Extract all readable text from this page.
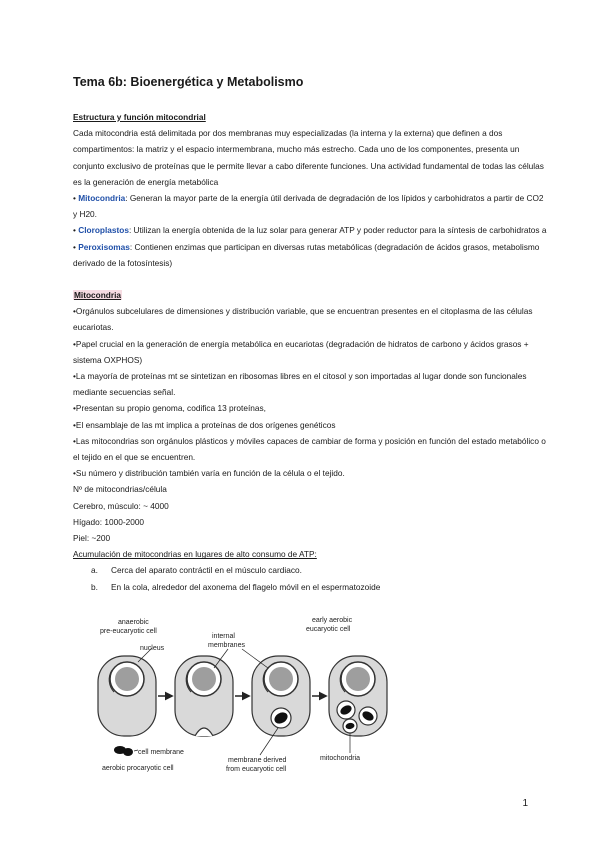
Tema 6b: Bioenergética y Metabolismo

Estructura y función mitocondrial

Cada mitocondria está delimitada por dos membranas muy especializadas (la interna y la externa) que definen a dos compartimentos: la matriz y el espacio intermembrana, mucho más estrecho. Cada uno de los componentes, presenta un conjunto exclusivo de proteínas que le permite llevar a cabo diferente funciones. Una actividad fundamental de todas las células es la generación de energía metabólica

• Mitocondria: Generan la mayor parte de la energía útil derivada de degradación de los lípidos y carbohidratos a partir de CO2 y H20.

• Cloroplastos: Utilizan la energía obtenida de la luz solar para generar ATP y poder reductor para la síntesis de carbohidratos a

• Peroxisomas: Contienen enzimas que participan en diversas rutas metabólicas (degradación de ácidos grasos, metabolismo derivado de la fotosíntesis)

Mitocondria

•Orgánulos subcelulares de dimensiones y distribución variable, que se encuentran presentes en el citoplasma de las células eucariotas.

•Papel crucial en la generación de energía metabólica en eucariotas (degradación de hidratos de carbono y ácidos grasos + sistema OXPHOS)

•La mayoría de proteínas mt se sintetizan en ribosomas libres en el citosol y son importadas al lugar donde son funcionales mediante secuencias señal.

•Presentan su propio genoma, codifica 13 proteínas,

•El ensamblaje de las mt implica a proteínas de dos orígenes genéticos

•Las mitocondrias son orgánulos plásticos y móviles capaces de cambiar de forma y posición en función del estado metabólico o el tejido en el que se encuentren.

•Su número y distribución también varía en función de la célula o el tejido.

Nº de mitocondrias/célula

Cerebro, músculo: ~ 4000

Hígado: 1000-2000

Piel: ~200

Acumulación de mitocondrias en lugares de alto consumo de ATP:

a. Cerca del aparato contráctil en el músculo cardiaco.

b. En la cola, alrededor del axonema del flagelo móvil en el espermatozoide

anaerobic
pre-eucaryotic cell
nucleus
internal
membranes
early aerobic
eucaryotic cell
cell membrane
aerobic procaryotic cell
membrane derived
from eucaryotic cell
mitochondria
1
